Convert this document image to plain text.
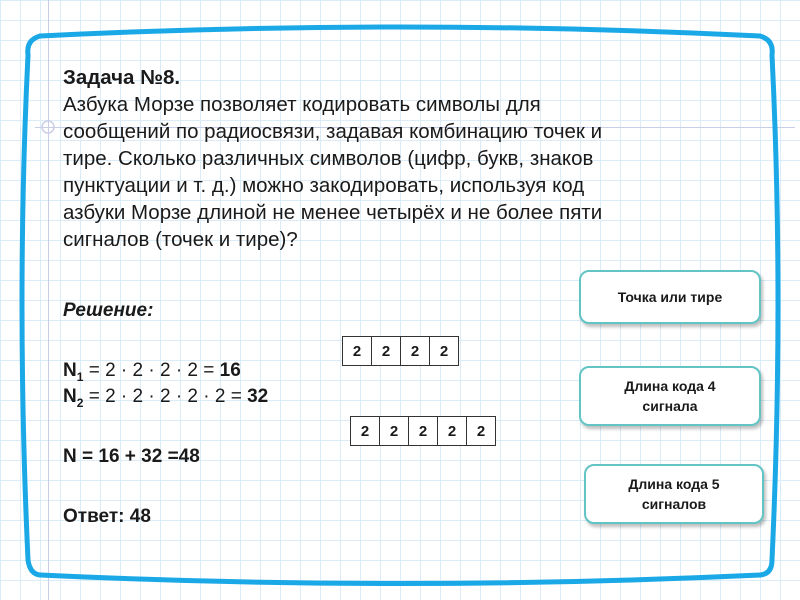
Задача №8.
Азбука Морзе позволяет кодировать символы для
сообщений по радиосвязи, задавая комбинацию точек и
тире. Сколько различных символов (цифр, букв, знаков
пунктуации и т. д.) можно закодировать, используя код
азбуки Морзе длиной не менее четырёх и не более пяти
сигналов (точек и тире)?
Решение:
$N_1 = 2 \cdot 2 \cdot 2 \cdot 2 = 16$
$N_2 = 2 \cdot 2 \cdot 2 \cdot 2 \cdot 2 = 32$
N = 16 + 32 =48
Ответ: 48
2	2	2	2
2	2	2	2	2
Точка или тире
Длина кода 4
сигнала
Длина кода 5
сигналов
